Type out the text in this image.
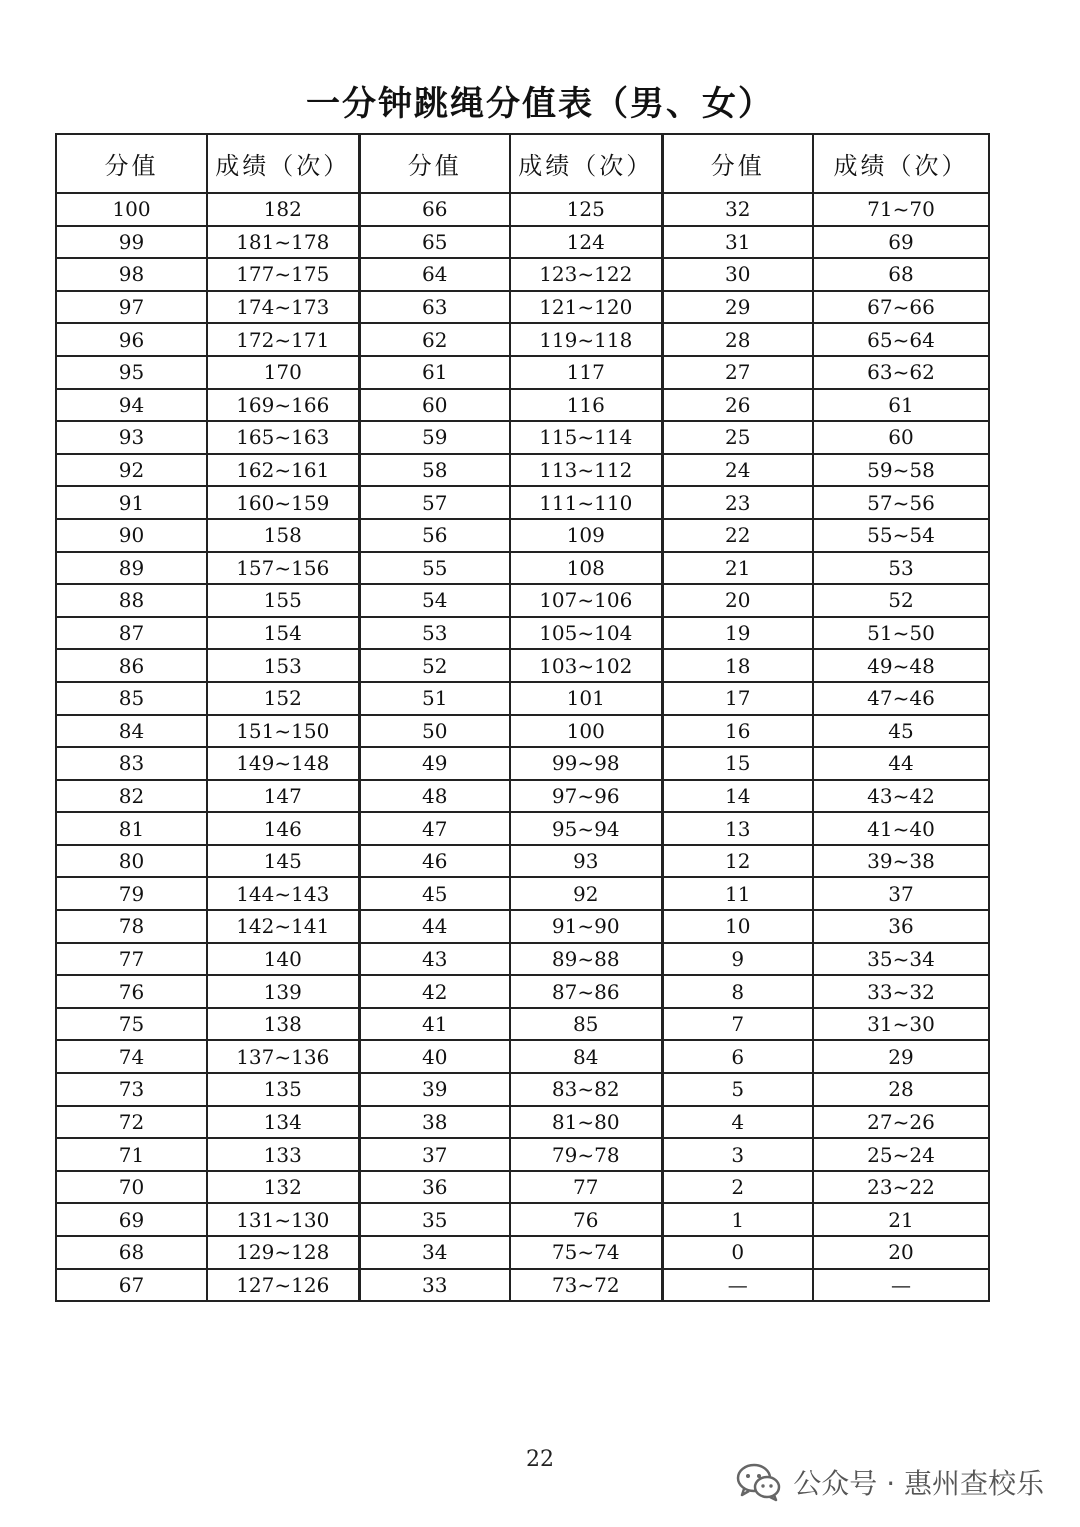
一分钟跳绳分值表（男、女）
分值	成绩（次）	分值	成绩（次）	分值	成绩（次）
100	182	66	125	32	71~70
99	181~178	65	124	31	69
98	177~175	64	123~122	30	68
97	174~173	63	121~120	29	67~66
96	172~171	62	119~118	28	65~64
95	170	61	117	27	63~62
94	169~166	60	116	26	61
93	165~163	59	115~114	25	60
92	162~161	58	113~112	24	59~58
91	160~159	57	111~110	23	57~56
90	158	56	109	22	55~54
89	157~156	55	108	21	53
88	155	54	107~106	20	52
87	154	53	105~104	19	51~50
86	153	52	103~102	18	49~48
85	152	51	101	17	47~46
84	151~150	50	100	16	45
83	149~148	49	99~98	15	44
82	147	48	97~96	14	43~42
81	146	47	95~94	13	41~40
80	145	46	93	12	39~38
79	144~143	45	92	11	37
78	142~141	44	91~90	10	36
77	140	43	89~88	9	35~34
76	139	42	87~86	8	33~32
75	138	41	85	7	31~30
74	137~136	40	84	6	29
73	135	39	83~82	5	28
72	134	38	81~80	4	27~26
71	133	37	79~78	3	25~24
70	132	36	77	2	23~22
69	131~130	35	76	1	21
68	129~128	34	75~74	0	20
67	127~126	33	73~72	—	—
22
公众号 · 惠州查校乐
